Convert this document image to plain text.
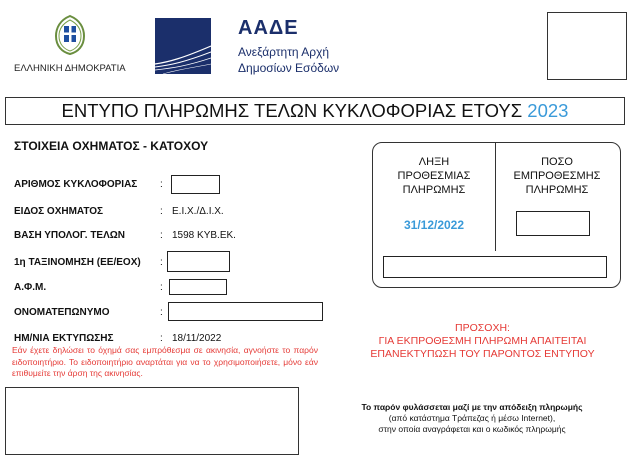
ΕΛΛΗΝΙΚΗ ΔΗΜΟΚΡΑΤΙΑ
ΑΑΔΕ
Ανεξάρτητη Αρχή
Δημοσίων Εσόδων
ΕΝΤΥΠΟ ΠΛΗΡΩΜΗΣ ΤΕΛΩΝ ΚΥΚΛΟΦΟΡΙΑΣ ΕΤΟΥΣ 2023
ΣΤΟΙΧΕΙΑ ΟΧΗΜΑΤΟΣ - ΚΑΤΟΧΟΥ
ΑΡΙΘΜΟΣ ΚΥΚΛΟΦΟΡΙΑΣ :
ΕΙΔΟΣ ΟΧΗΜΑΤΟΣ	: Ε.Ι.Χ./Δ.Ι.Χ.
ΒΑΣΗ ΥΠΟΛΟΓ. ΤΕΛΩΝ	: 1598 ΚΥΒ.ΕΚ.
1η ΤΑΞΙΝΟΜΗΣΗ (ΕΕ/ΕΟΧ) :
Α.Φ.Μ.	:
ΟΝΟΜΑΤΕΠΩΝΥΜΟ	:
ΗΜ/ΝΙΑ ΕΚΤΥΠΩΣΗΣ	: 18/11/2022
Εάν έχετε δηλώσει το όχημά σας εμπρόθεσμα σε ακινησία, αγνοήστε το παρόν ειδοποιητήριο. Το ειδοποιητήριο αναρτάται για να το χρησιμοποιήσετε, μόνο εάν επιθυμείτε την άρση της ακινησίας.
ΛΗΞΗ
ΠΡΟΘΕΣΜΙΑΣ
ΠΛΗΡΩΜΗΣ
31/12/2022
ΠΟΣΟ
ΕΜΠΡΟΘΕΣΜΗΣ
ΠΛΗΡΩΜΗΣ
ΠΡΟΣΟΧΗ:
ΓΙΑ ΕΚΠΡΟΘΕΣΜΗ ΠΛΗΡΩΜΗ ΑΠΑΙΤΕΙΤΑΙ
ΕΠΑΝΕΚΤΥΠΩΣΗ ΤΟΥ ΠΑΡΟΝΤΟΣ ΕΝΤΥΠΟΥ
Το παρόν φυλάσσεται μαζί με την απόδειξη πληρωμής
(από κατάστημα Τράπεζας ή μέσω Internet),
στην οποία αναγράφεται και ο κωδικός πληρωμής
